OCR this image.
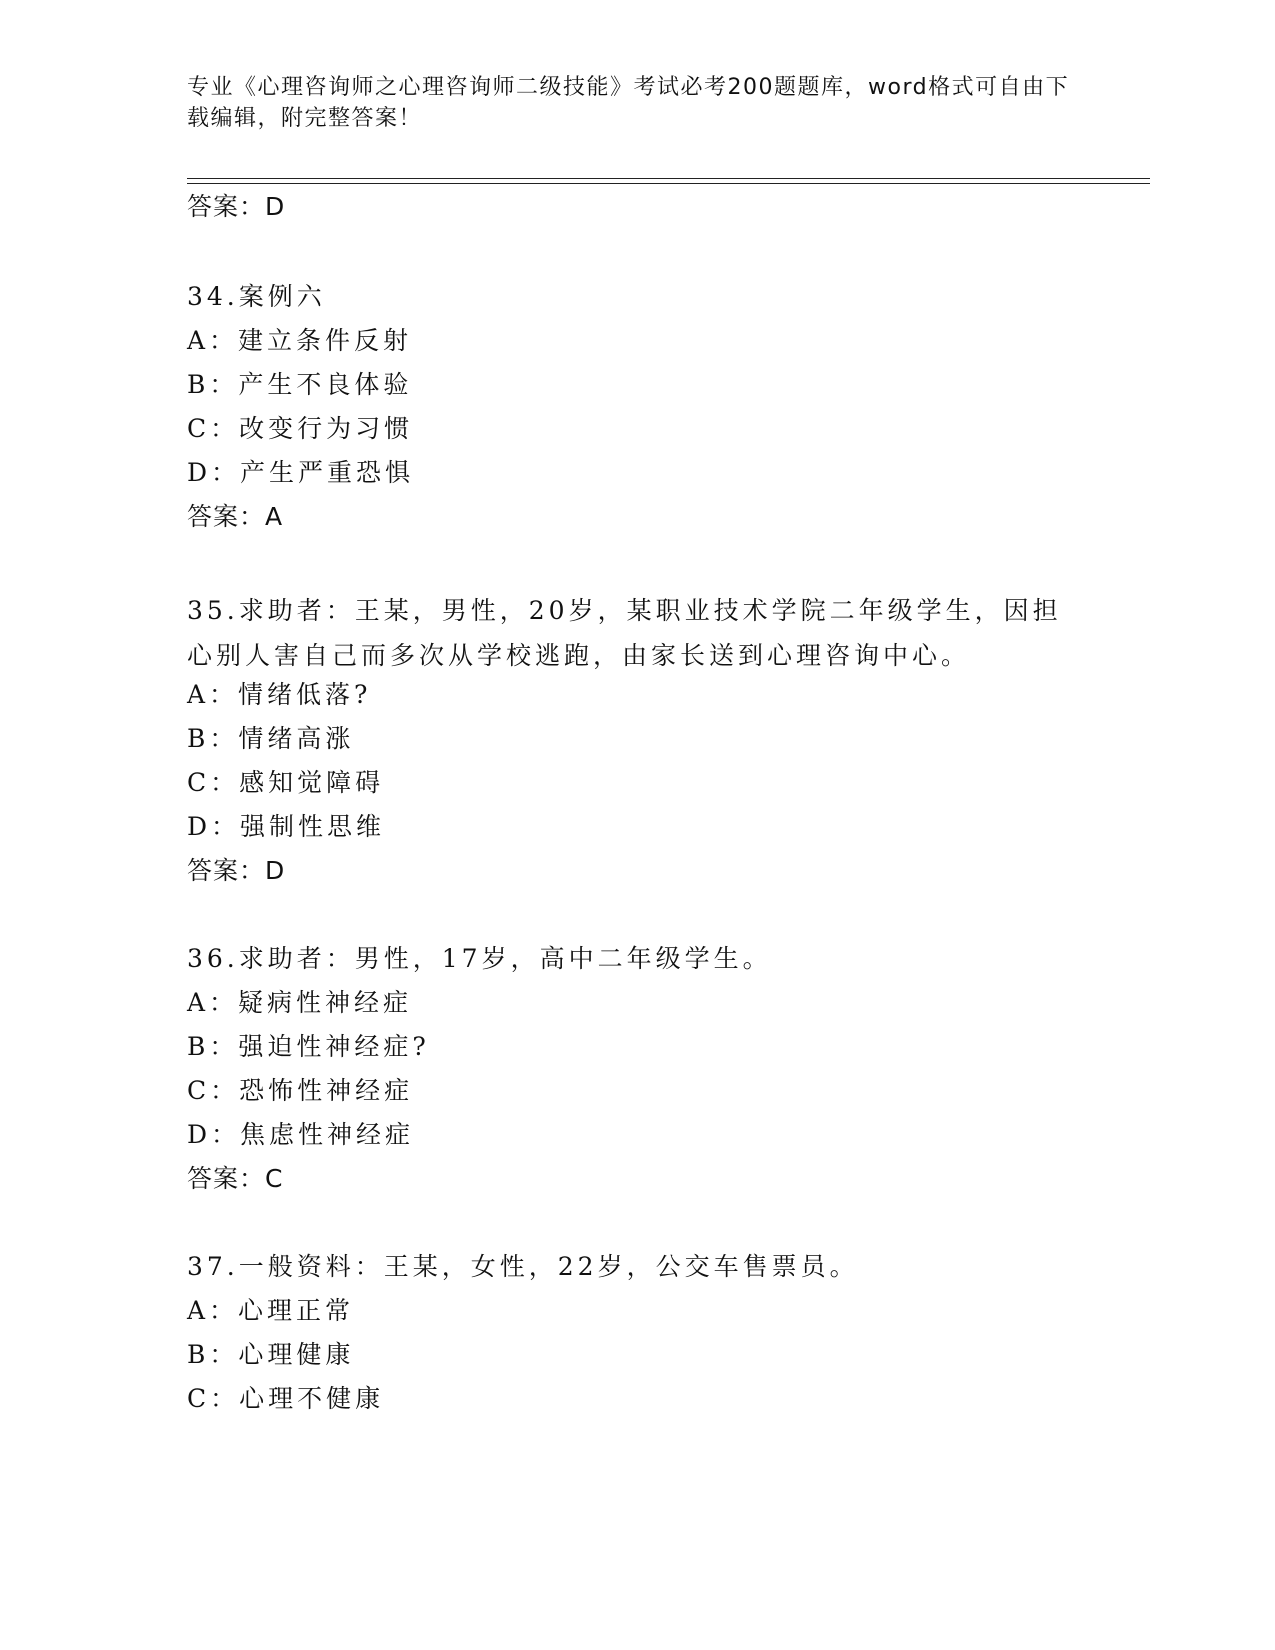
专业《心理咨询师之心理咨询师二级技能》考试必考200题题库，word格式可自由下载编辑，附完整答案！
答案：D
34.案例六
A：建立条件反射
B：产生不良体验
C：改变行为习惯
D：产生严重恐惧
答案：A
35.求助者：王某，男性，20岁，某职业技术学院二年级学生，因担心别人害自己而多次从学校逃跑，由家长送到心理咨询中心。
A：情绪低落?
B：情绪高涨
C：感知觉障碍
D：强制性思维
答案：D
36.求助者：男性，17岁，高中二年级学生。
A：疑病性神经症
B：强迫性神经症?
C：恐怖性神经症
D：焦虑性神经症
答案：C
37.一般资料：王某，女性，22岁，公交车售票员。
A：心理正常
B：心理健康
C：心理不健康
